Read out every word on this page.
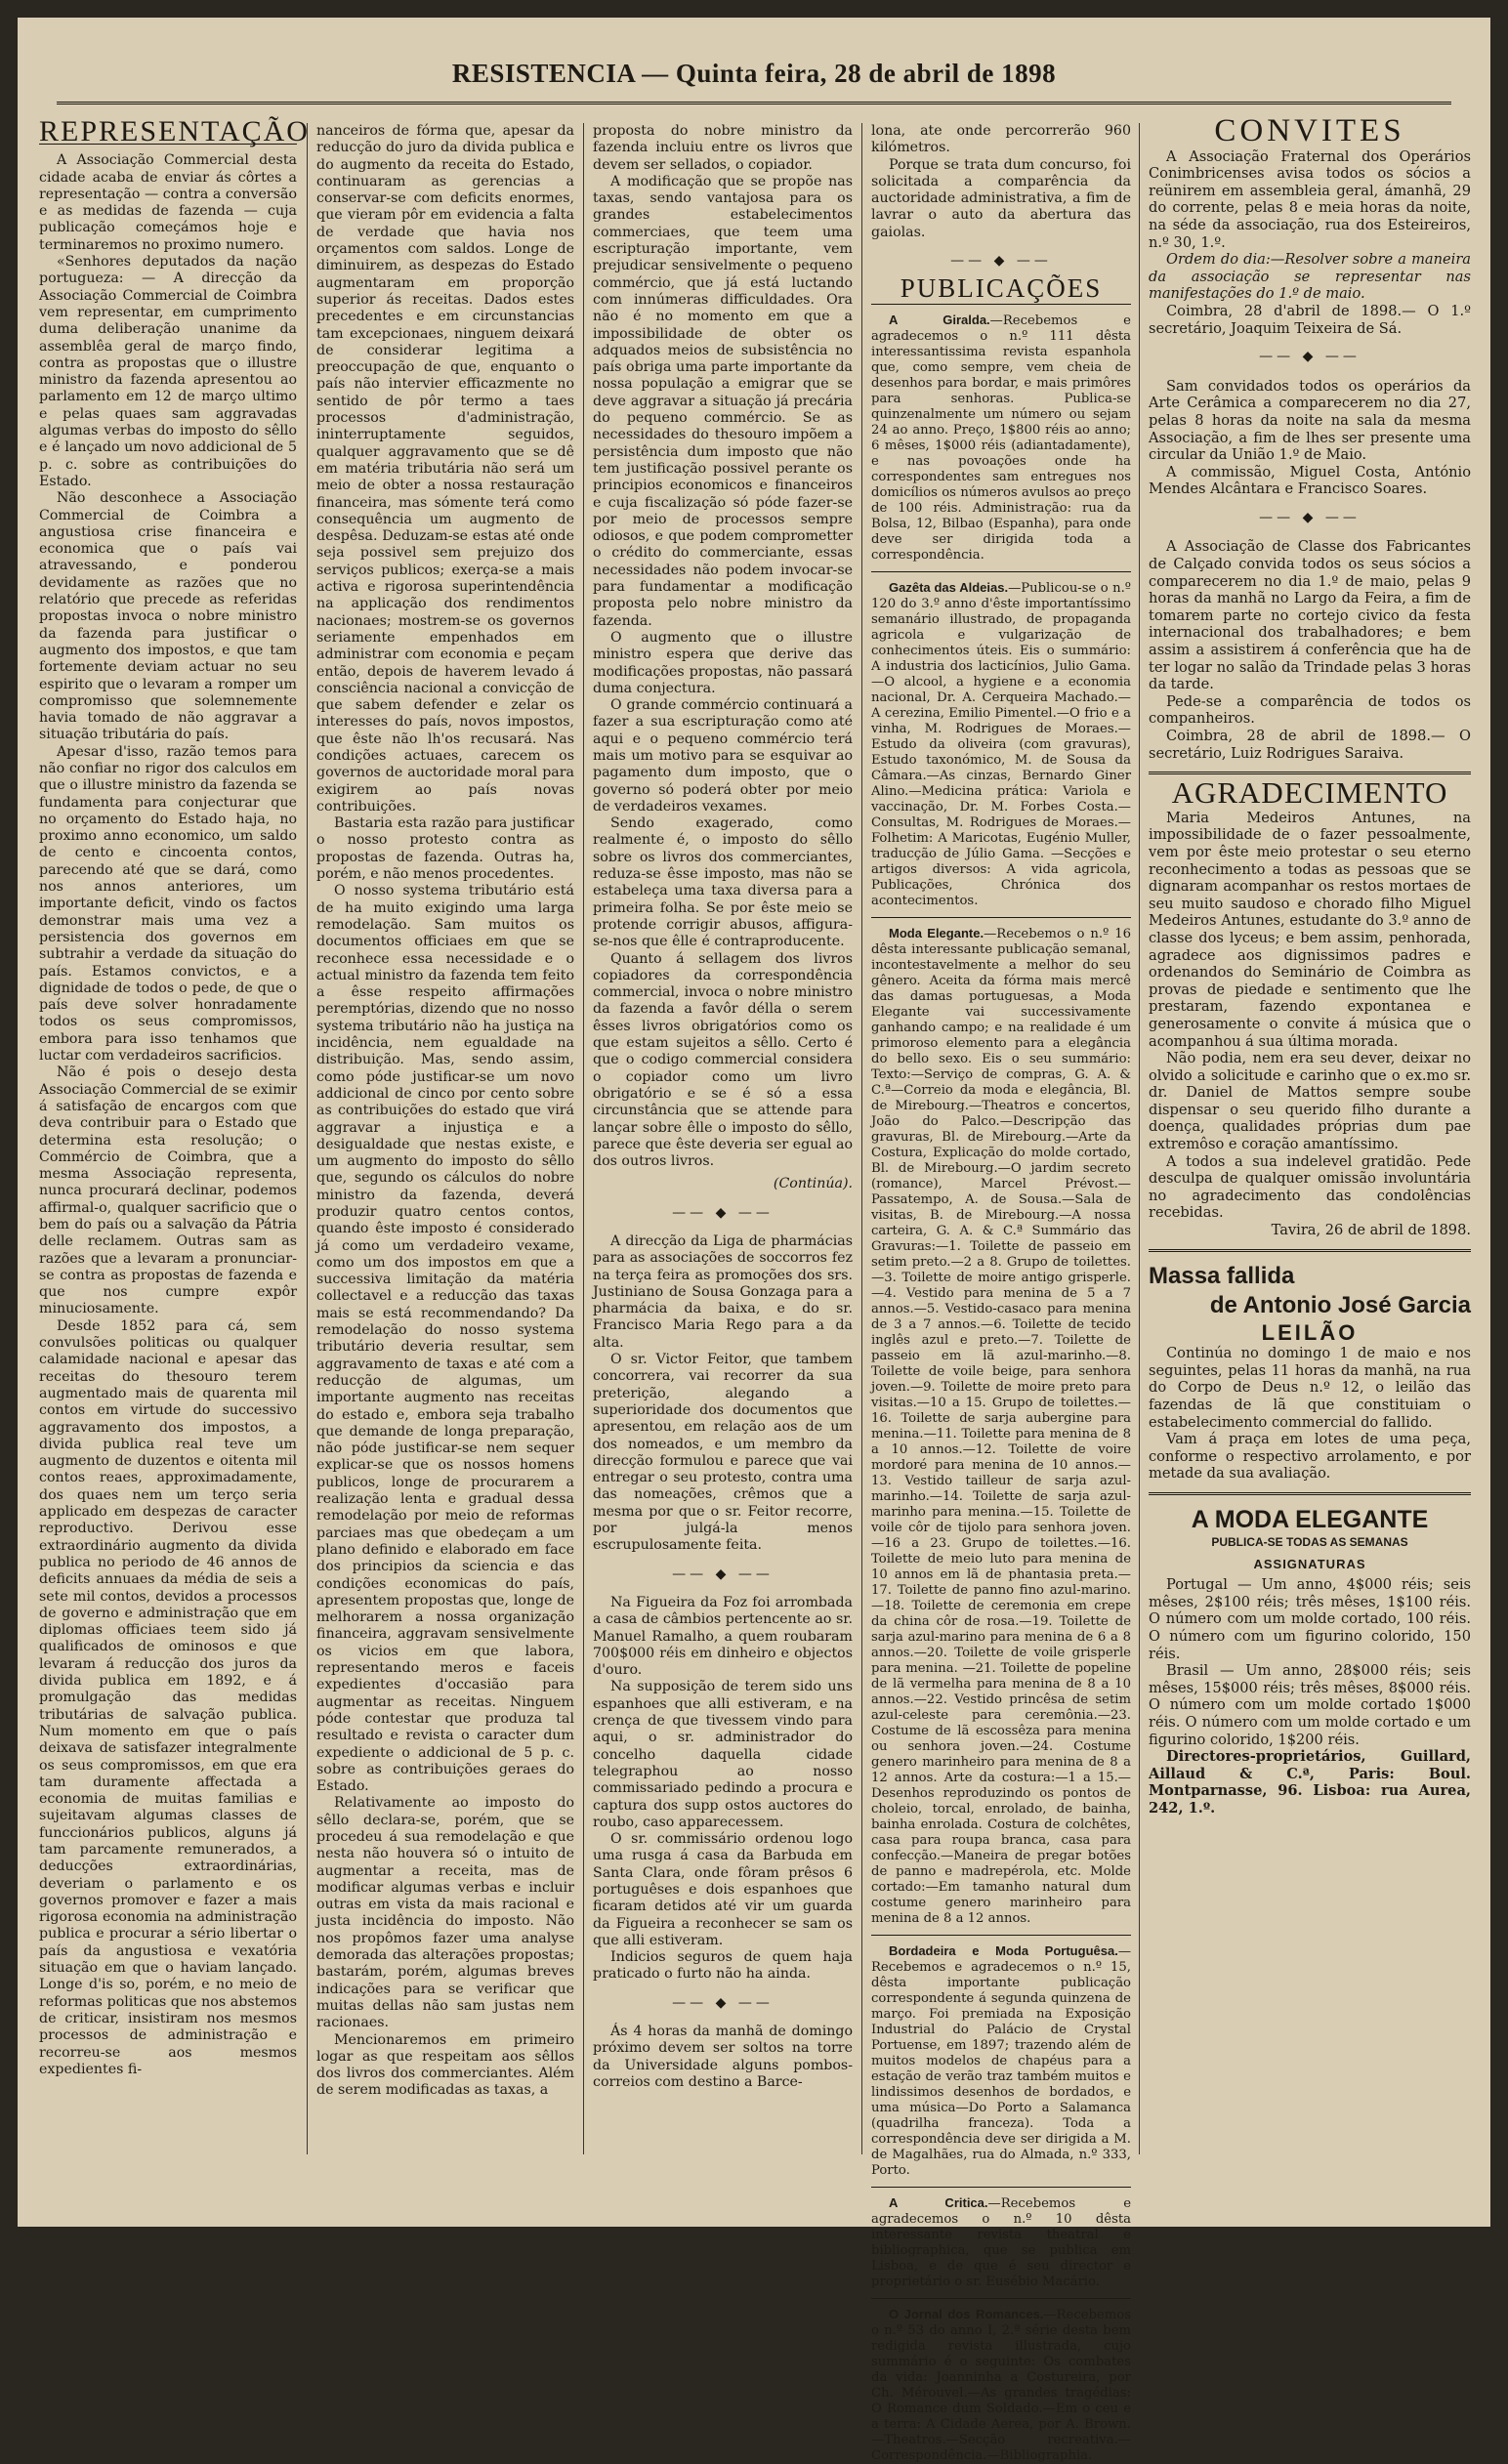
RESISTENCIA — Quinta feira, 28 de abril de 1898
REPRESENTAÇÃO

A Associação Commercial desta cidade acaba de enviar ás côrtes a representação — contra a conversão e as medidas de fazenda — cuja publicação começámos hoje e terminaremos no proximo numero.

«Senhores deputados da nação portugueza: — A direcção da Associação Commercial de Coimbra vem representar, em cumprimento duma deliberação unanime da assemblêa geral de março findo, contra as propostas que o illustre ministro da fazenda apresentou ao parlamento em 12 de março ultimo e pelas quaes sam aggravadas algumas verbas do imposto do sêllo e é lançado um novo addicional de 5 p. c. sobre as contribuições do Estado.

Não desconhece a Associação Commercial de Coimbra a angustiosa crise financeira e economica que o país vai atravessando, e ponderou devidamente as razões que no relatório que precede as referidas propostas invoca o nobre ministro da fazenda para justificar o augmento dos impostos, e que tam fortemente deviam actuar no seu espirito que o levaram a romper um compromisso que solemnemente havia tomado de não aggravar a situação tributária do país.

Apesar d'isso, razão temos para não confiar no rigor dos calculos em que o illustre ministro da fazenda se fundamenta para conjecturar que no orçamento do Estado haja, no proximo anno economico, um saldo de cento e cincoenta contos, parecendo até que se dará, como nos annos anteriores, um importante deficit, vindo os factos demonstrar mais uma vez a persistencia dos governos em subtrahir a verdade da situação do país. Estamos convictos, e a dignidade de todos o pede, de que o país deve solver honradamente todos os seus compromissos, embora para isso tenhamos que luctar com verdadeiros sacrificios.

Não é pois o desejo desta Associação Commercial de se eximir á satisfação de encargos com que deva contribuir para o Estado que determina esta resolução; o Commércio de Coimbra, que a mesma Associação representa, nunca procurará declinar, podemos affirmal-o, qualquer sacrificio que o bem do país ou a salvação da Pátria delle reclamem. Outras sam as razões que a levaram a pronunciar-se contra as propostas de fazenda e que nos cumpre expôr minuciosamente.

Desde 1852 para cá, sem convulsões politicas ou qualquer calamidade nacional e apesar das receitas do thesouro terem augmentado mais de quarenta mil contos em virtude do successivo aggravamento dos impostos, a divida publica real teve um augmento de duzentos e oitenta mil contos reaes, approximadamente, dos quaes nem um terço seria applicado em despezas de caracter reproductivo. Derivou esse extraordinário augmento da divida publica no periodo de 46 annos de deficits annuaes da média de seis a sete mil contos, devidos a processos de governo e administração que em diplomas officiaes teem sido já qualificados de ominosos e que levaram á reducção dos juros da divida publica em 1892, e á promulgação das medidas tributárias de salvação publica. Num momento em que o país deixava de satisfazer integralmente os seus compromissos, em que era tam duramente affectada a economia de muitas familias e sujeitavam algumas classes de funccionários publicos, alguns já tam parcamente remunerados, a deducções extraordinárias, deveriam o parlamento e os governos promover e fazer a mais rigorosa economia na administração publica e procurar a sério libertar o país da angustiosa e vexatória situação em que o haviam lançado. Longe d'is so, porém, e no meio de reformas politicas que nos abstemos de criticar, insistiram nos mesmos processos de administração e recorreu-se aos mesmos expedientes fi-

nanceiros de fórma que, apesar da reducção do juro da divida publica e do augmento da receita do Estado, continuaram as gerencias a conservar-se com deficits enormes, que vieram pôr em evidencia a falta de verdade que havia nos orçamentos com saldos. Longe de diminuirem, as despezas do Estado augmentaram em proporção superior ás receitas. Dados estes precedentes e em circunstancias tam excepcionaes, ninguem deixará de considerar legitima a preoccupação de que, enquanto o país não intervier efficazmente no sentido de pôr termo a taes processos d'administração, ininterruptamente seguidos, qualquer aggravamento que se dê em matéria tributária não será um meio de obter a nossa restauração financeira, mas sómente terá como consequência um augmento de despêsa. Deduzam-se estas até onde seja possivel sem prejuizo dos serviços publicos; exerça-se a mais activa e rigorosa superintendência na applicação dos rendimentos nacionaes; mostrem-se os governos seriamente empenhados em administrar com economia e peçam então, depois de haverem levado á consciência nacional a convicção de que sabem defender e zelar os interesses do país, novos impostos, que êste não lh'os recusará. Nas condições actuaes, carecem os governos de auctoridade moral para exigirem ao país novas contribuições.

Bastaria esta razão para justificar o nosso protesto contra as propostas de fazenda. Outras ha, porém, e não menos procedentes.

O nosso systema tributário está de ha muito exigindo uma larga remodelação. Sam muitos os documentos officiaes em que se reconhece essa necessidade e o actual ministro da fazenda tem feito a êsse respeito affirmações peremptórias, dizendo que no nosso systema tributário não ha justiça na incidência, nem egualdade na distribuição. Mas, sendo assim, como póde justificar-se um novo addicional de cinco por cento sobre as contribuições do estado que virá aggravar a injustiça e a desigualdade que nestas existe, e um augmento do imposto do sêllo que, segundo os cálculos do nobre ministro da fazenda, deverá produzir quatro centos contos, quando êste imposto é considerado já como um verdadeiro vexame, como um dos impostos em que a successiva limitação da matéria collectavel e a reducção das taxas mais se está recommendando? Da remodelação do nosso systema tributário deveria resultar, sem aggravamento de taxas e até com a reducção de algumas, um importante augmento nas receitas do estado e, embora seja trabalho que demande de longa preparação, não póde justificar-se nem sequer explicar-se que os nossos homens publicos, longe de procurarem a realização lenta e gradual dessa remodelação por meio de reformas parciaes mas que obedeçam a um plano definido e elaborado em face dos principios da sciencia e das condições economicas do país, apresentem propostas que, longe de melhorarem a nossa organização financeira, aggravam sensivelmente os vicios em que labora, representando meros e faceis expedientes d'occasião para augmentar as receitas. Ninguem póde contestar que produza tal resultado e revista o caracter dum expediente o addicional de 5 p. c. sobre as contribuições geraes do Estado.

Relativamente ao imposto do sêllo declara-se, porém, que se procedeu á sua remodelação e que nesta não houvera só o intuito de augmentar a receita, mas de modificar algumas verbas e incluir outras em vista da mais racional e justa incidência do imposto. Não nos propômos fazer uma analyse demorada das alterações propostas; bastarám, porém, algumas breves indicações para se verificar que muitas dellas não sam justas nem racionaes.

Mencionaremos em primeiro logar as que respeitam aos sêllos dos livros dos commerciantes. Além de serem modificadas as taxas, a

proposta do nobre ministro da fazenda incluiu entre os livros que devem ser sellados, o copiador.

A modificação que se propõe nas taxas, sendo vantajosa para os grandes estabelecimentos commerciaes, que teem uma escripturação importante, vem prejudicar sensivelmente o pequeno commércio, que já está luctando com innúmeras difficuldades. Ora não é no momento em que a impossibilidade de obter os adquados meios de subsistência no país obriga uma parte importante da nossa população a emigrar que se deve aggravar a situação já precária do pequeno commércio. Se as necessidades do thesouro impõem a persistência dum imposto que não tem justificação possivel perante os principios economicos e financeiros e cuja fiscalização só póde fazer-se por meio de processos sempre odiosos, e que podem comprometter o crédito do commerciante, essas necessidades não podem invocar-se para fundamentar a modificação proposta pelo nobre ministro da fazenda.

O augmento que o illustre ministro espera que derive das modificações propostas, não passará duma conjectura.

O grande commércio continuará a fazer a sua escripturação como até aqui e o pequeno commércio terá mais um motivo para se esquivar ao pagamento dum imposto, que o governo só poderá obter por meio de verdadeiros vexames.

Sendo exagerado, como realmente é, o imposto do sêllo sobre os livros dos commerciantes, reduza-se êsse imposto, mas não se estabeleça uma taxa diversa para a primeira folha. Se por êste meio se protende corrigir abusos, affigura-se-nos que êlle é contraproducente.

Quanto á sellagem dos livros copiadores da correspondência commercial, invoca o nobre ministro da fazenda a favôr délla o serem êsses livros obrigatórios como os que estam sujeitos a sêllo. Certo é que o codigo commercial considera o copiador como um livro obrigatório e se é só a essa circunstância que se attende para lançar sobre êlle o imposto do sêllo, parece que êste deveria ser egual ao dos outros livros.

(Continúa).
—— ◆ ——

A direcção da Liga de pharmácias para as associações de soccorros fez na terça feira as promoções dos srs. Justiniano de Sousa Gonzaga para a pharmácia da baixa, e do sr. Francisco Maria Rego para a da alta.

O sr. Victor Feitor, que tambem concorrera, vai recorrer da sua preterição, alegando a superioridade dos documentos que apresentou, em relação aos de um dos nomeados, e um membro da direcção formulou e parece que vai entregar o seu protesto, contra uma das nomeações, crêmos que a mesma por que o sr. Feitor recorre, por julgá-la menos escrupulosamente feita.

—— ◆ ——

Na Figueira da Foz foi arrombada a casa de câmbios pertencente ao sr. Manuel Ramalho, a quem roubaram 700$000 réis em dinheiro e objectos d'ouro.

Na supposição de terem sido uns espanhoes que alli estiveram, e na crença de que tivessem vindo para aqui, o sr. administrador do concelho daquella cidade telegraphou ao nosso commissariado pedindo a procura e captura dos supp ostos auctores do roubo, caso apparecessem.

O sr. commissário ordenou logo uma rusga á casa da Barbuda em Santa Clara, onde fôram prêsos 6 portuguêses e dois espanhoes que ficaram detidos até vir um guarda da Figueira a reconhecer se sam os que alli estiveram.

Indicios seguros de quem haja praticado o furto não ha ainda.

—— ◆ ——

Ás 4 horas da manhã de domingo próximo devem ser soltos na torre da Universidade alguns pombos-correios com destino a Barce-

lona, ate onde percorrerão 960 kilómetros.

Porque se trata dum concurso, foi solicitada a comparência da auctoridade administrativa, a fim de lavrar o auto da abertura das gaiolas.

—— ◆ ——
PUBLICAÇÕES

A Giralda.—Recebemos e agradecemos o n.º 111 dêsta interessantissima revista espanhola que, como sempre, vem cheia de desenhos para bordar, e mais primôres para senhoras. Publica-se quinzenalmente um número ou sejam 24 ao anno. Preço, 1$800 réis ao anno; 6 mêses, 1$000 réis (adiantadamente), e nas povoações onde ha correspondentes sam entregues nos domicílios os números avulsos ao preço de 100 réis. Administração: rua da Bolsa, 12, Bilbao (Espanha), para onde deve ser dirigida toda a correspondência.

Gazêta das Aldeias.—Publicou-se o n.º 120 do 3.º anno d'êste importantíssimo semanário illustrado, de propaganda agricola e vulgarização de conhecimentos úteis. Eis o summário: A industria dos lacticínios, Julio Gama. —O alcool, a hygiene e a economia nacional, Dr. A. Cerqueira Machado.—A cerezina, Emilio Pimentel.—O frio e a vinha, M. Rodrigues de Moraes.—Estudo da oliveira (com gravuras), Estudo taxonómico, M. de Sousa da Câmara.—As cinzas, Bernardo Giner Alino.—Medicina prática: Variola e vaccinação, Dr. M. Forbes Costa.—Consultas, M. Rodrigues de Moraes.—Folhetim: A Maricotas, Eugénio Muller, traducção de Júlio Gama. —Secções e artigos diversos: A vida agricola, Publicações, Chrónica dos acontecimentos.

Moda Elegante.—Recebemos o n.º 16 dêsta interessante publicação semanal, incontestavelmente a melhor do seu gênero. Aceita da fórma mais mercê das damas portuguesas, a Moda Elegante vai successivamente ganhando campo; e na realidade é um primoroso elemento para a elegância do bello sexo. Eis o seu summário: Texto:—Serviço de compras, G. A. & C.ª—Correio da moda e elegância, Bl. de Mirebourg.—Theatros e concertos, João do Palco.—Descripção das gravuras, Bl. de Mirebourg.—Arte da Costura, Explicação do molde cortado, Bl. de Mirebourg.—O jardim secreto (romance), Marcel Prévost.—Passatempo, A. de Sousa.—Sala de visitas, B. de Mirebourg.—A nossa carteira, G. A. & C.ª Summário das Gravuras:—1. Toilette de passeio em setim preto.—2 a 8. Grupo de toilettes.—3. Toilette de moire antigo grisperle.—4. Vestido para menina de 5 a 7 annos.—5. Vestido-casaco para menina de 3 a 7 annos.—6. Toilette de tecido inglês azul e preto.—7. Toilette de passeio em lã azul-marinho.—8. Toilette de voile beige, para senhora joven.—9. Toilette de moire preto para visitas.—10 a 15. Grupo de toilettes.—16. Toilette de sarja aubergine para menina.—11. Toilette para menina de 8 a 10 annos.—12. Toilette de voire mordoré para menina de 10 annos.—13. Vestido tailleur de sarja azul-marinho.—14. Toilette de sarja azul-marinho para menina.—15. Toilette de voile côr de tijolo para senhora joven. —16 a 23. Grupo de toilettes.—16. Toilette de meio luto para menina de 10 annos em lã de phantasia preta.—17. Toilette de panno fino azul-marino.—18. Toilette de ceremonia em crepe da china côr de rosa.—19. Toilette de sarja azul-marino para menina de 6 a 8 annos.—20. Toilette de voile grisperle para menina. —21. Toilette de popeline de lã vermelha para menina de 8 a 10 annos.—22. Vestido princêsa de setim azul-celeste para ceremônia.—23. Costume de lã escossêza para menina ou senhora joven.—24. Costume genero marinheiro para menina de 8 a 12 annos. Arte da costura:—1 a 15.—Desenhos reproduzindo os pontos de choleio, torcal, enrolado, de bainha, bainha enrolada. Costura de colchêtes, casa para roupa branca, casa para confecção.—Maneira de pregar botões de panno e madrepérola, etc. Molde cortado:—Em tamanho natural dum costume genero marinheiro para menina de 8 a 12 annos.

Bordadeira e Moda Portuguêsa.—Recebemos e agradecemos o n.º 15, dêsta importante publicação correspondente á segunda quinzena de março. Foi premiada na Exposição Industrial do Palácio de Crystal Portuense, em 1897; trazendo além de muitos modelos de chapéus para a estação de verão traz também muitos e lindissimos desenhos de bordados, e uma música—Do Porto a Salamanca (quadrilha franceza). Toda a correspondência deve ser dirigida a M. de Magalhães, rua do Almada, n.º 333, Porto.

A Critica.—Recebemos e agradecemos o n.º 10 dêsta interessante revista theatral e bibliographica, que se publica em Lisboa, e de que é seu director e proprietário o sr. Eusébio Macário.

O Jornal dos Romances.—Recebemos o n.º 53 do anno I, 2.ª série desta bem redigida revista illustrada, cujo summário é o seguinte: Os combates da vida: Joanninha a Costureira, por Ch. Mérouvel.—As grandes tragédias: O Romance dum Soldado.—Em o ceu e a terra: A Cidade Aerea, por A. Brown.—Theatros.—Secção recreativa.—Correspondência.—Bibliographia.

CONVITES

A Associação Fraternal dos Operários Conimbricenses avisa todos os sócios a reünirem em assembleia geral, ámanhã, 29 do corrente, pelas 8 e meia horas da noite, na séde da associação, rua dos Esteireiros, n.º 30, 1.º.

Ordem do dia:—Resolver sobre a maneira da associação se representar nas manifestações do 1.º de maio.

Coimbra, 28 d'abril de 1898.— O 1.º secretário, Joaquim Teixeira de Sá.

—— ◆ ——

Sam convidados todos os operários da Arte Cerâmica a comparecerem no dia 27, pelas 8 horas da noite na sala da mesma Associação, a fim de lhes ser presente uma circular da União 1.º de Maio.

A commissão, Miguel Costa, António Mendes Alcântara e Francisco Soares.

—— ◆ ——

A Associação de Classe dos Fabricantes de Calçado convida todos os seus sócios a comparecerem no dia 1.º de maio, pelas 9 horas da manhã no Largo da Feira, a fim de tomarem parte no cortejo civico da festa internacional dos trabalhadores; e bem assim a assistirem á conferência que ha de ter logar no salão da Trindade pelas 3 horas da tarde.

Pede-se a comparência de todos os companheiros.

Coimbra, 28 de abril de 1898.— O secretário, Luiz Rodrigues Saraiva.

AGRADECIMENTO

Maria Medeiros Antunes, na impossibilidade de o fazer pessoalmente, vem por êste meio protestar o seu eterno reconhecimento a todas as pessoas que se dignaram acompanhar os restos mortaes de seu muito saudoso e chorado filho Miguel Medeiros Antunes, estudante do 3.º anno de classe dos lyceus; e bem assim, penhorada, agradece aos dignissimos padres e ordenandos do Seminário de Coimbra as provas de piedade e sentimento que lhe prestaram, fazendo expontanea e generosamente o convite á música que o acompanhou á sua última morada.

Não podia, nem era seu dever, deixar no olvido a solicitude e carinho que o ex.mo sr. dr. Daniel de Mattos sempre soube dispensar o seu querido filho durante a doença, qualidades próprias dum pae extremôso e coração amantíssimo.

A todos a sua indelevel gratidão. Pede desculpa de qualquer omissão involuntária no agradecimento das condolências recebidas.

Tavira, 26 de abril de 1898.

Massa fallida
de Antonio José Garcia
LEILÃO

Continúa no domingo 1 de maio e nos seguintes, pelas 11 horas da manhã, na rua do Corpo de Deus n.º 12, o leilão das fazendas de lã que constituiam o estabelecimento commercial do fallido.

Vam á praça em lotes de uma peça, conforme o respectivo arrolamento, e por metade da sua avaliação.

A MODA ELEGANTE
PUBLICA-SE TODAS AS SEMANAS
ASSIGNATURAS

Portugal — Um anno, 4$000 réis; seis mêses, 2$100 réis; três mêses, 1$100 réis. O número com um molde cortado, 100 réis. O número com um figurino colorido, 150 réis.

Brasil — Um anno, 28$000 réis; seis mêses, 15$000 réis; três mêses, 8$000 réis. O número com um molde cortado 1$000 réis. O número com um molde cortado e um figurino colorido, 1$200 réis.

Directores-proprietários, Guillard, Aillaud & C.ª, Paris: Boul. Montparnasse, 96. Lisboa: rua Aurea, 242, 1.º.
